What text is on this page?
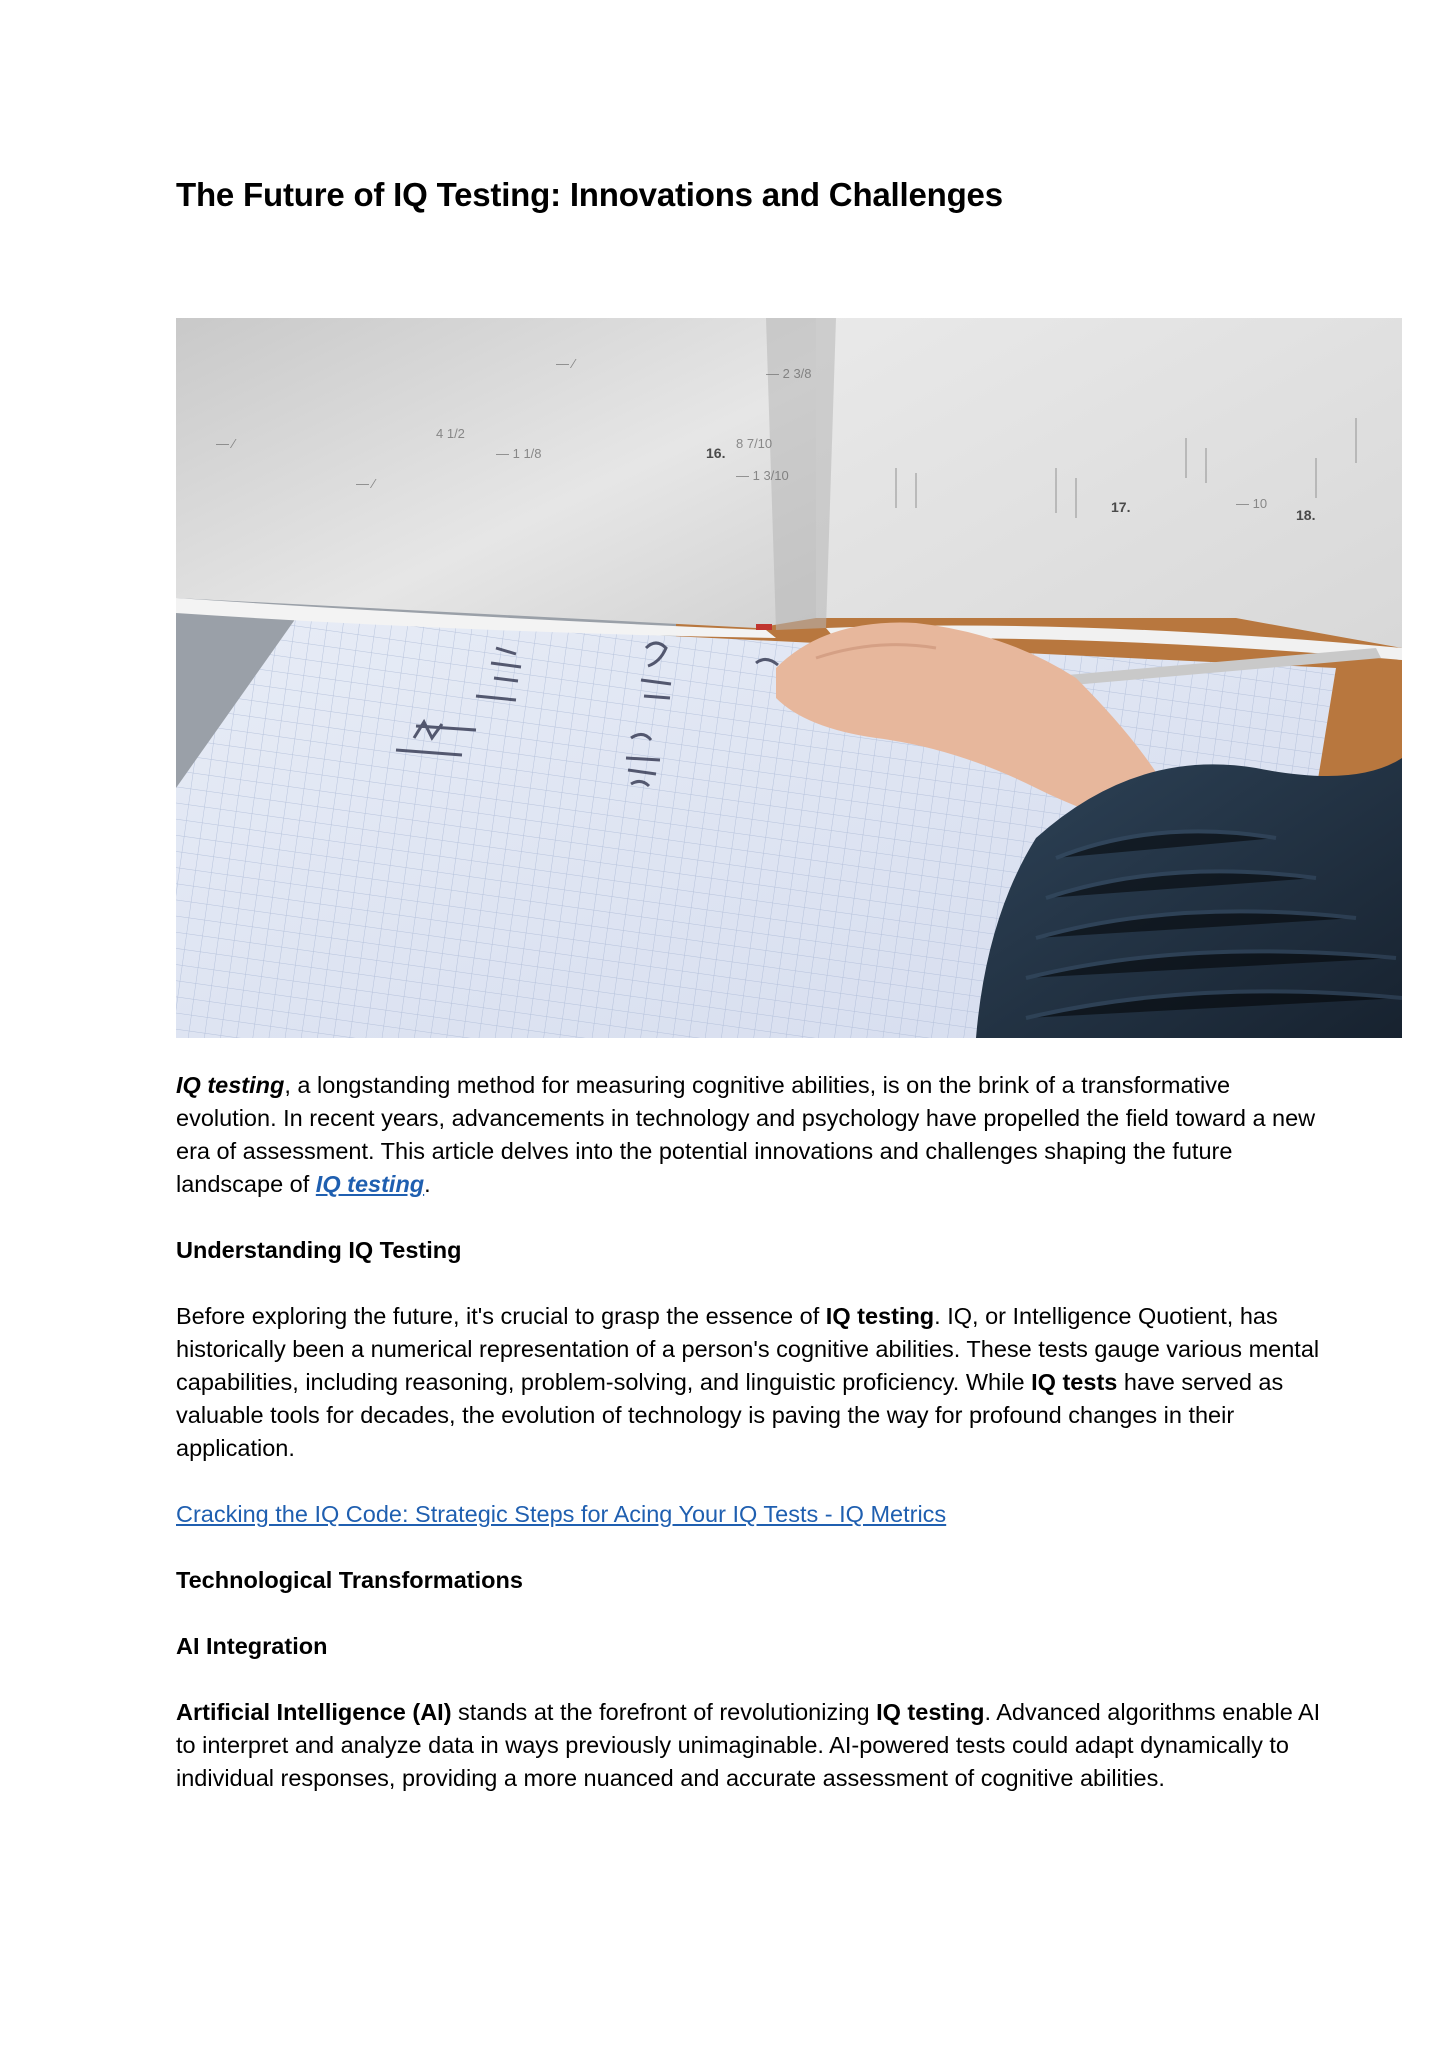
The Future of IQ Testing: Innovations and Challenges
— 1 1/8
4 1/2
8 7/10
— 1 3/10
— 2 3/8
— ⁄
— ⁄
— ⁄
— 10
16.
17.	18.

IQ testing, a longstanding method for measuring cognitive abilities, is on the brink of a transformative evolution. In recent years, advancements in technology and psychology have propelled the field toward a new era of assessment. This article delves into the potential innovations and challenges shaping the future landscape of IQ testing.

Understanding IQ Testing

Before exploring the future, it's crucial to grasp the essence of IQ testing. IQ, or Intelligence Quotient, has historically been a numerical representation of a person's cognitive abilities. These tests gauge various mental capabilities, including reasoning, problem-solving, and linguistic proficiency. While IQ tests have served as valuable tools for decades, the evolution of technology is paving the way for profound changes in their application.

Cracking the IQ Code: Strategic Steps for Acing Your IQ Tests - IQ Metrics

Technological Transformations

AI Integration

Artificial Intelligence (AI) stands at the forefront of revolutionizing IQ testing. Advanced algorithms enable AI to interpret and analyze data in ways previously unimaginable. AI-powered tests could adapt dynamically to individual responses, providing a more nuanced and accurate assessment of cognitive abilities.
